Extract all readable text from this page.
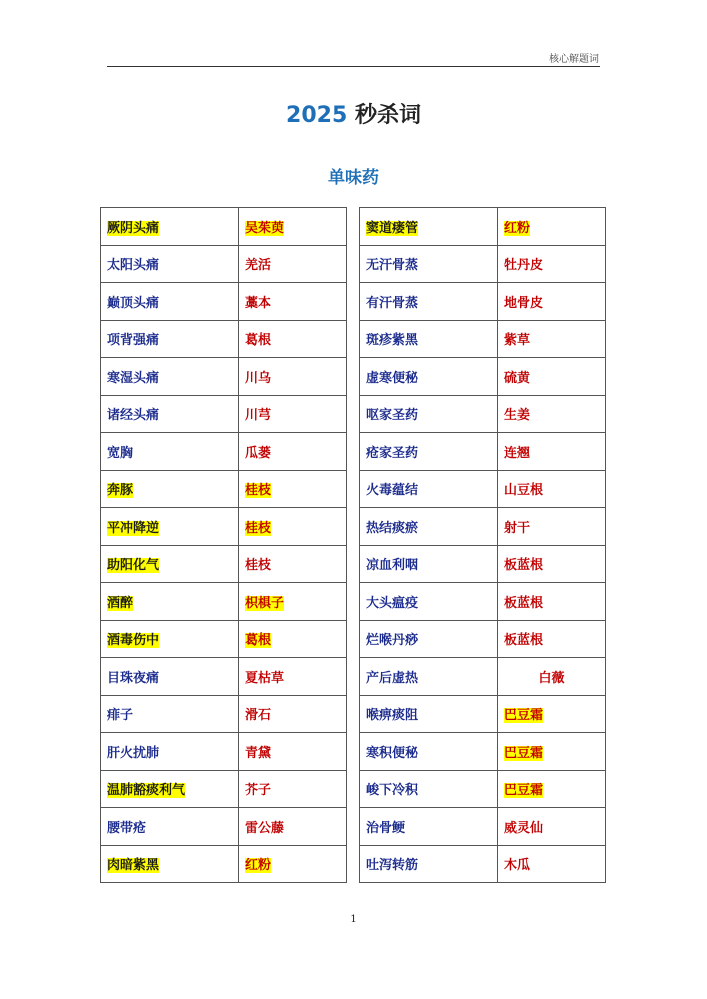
核心解题词
2025 秒杀词
单味药
厥阴头痛	吴茱萸
太阳头痛	羌活
巅顶头痛	藁本
项背强痛	葛根
寒湿头痛	川乌
诸经头痛	川芎
宽胸	瓜蒌
奔豚	桂枝
平冲降逆	桂枝
助阳化气	桂枝
酒醉	枳椇子
酒毒伤中	葛根
目珠夜痛	夏枯草
痱子	滑石
肝火扰肺	青黛
温肺豁痰利气	芥子
腰带疮	雷公藤
肉暗紫黑	红粉
窦道瘘管	红粉
无汗骨蒸	牡丹皮
有汗骨蒸	地骨皮
斑疹紫黑	紫草
虚寒便秘	硫黄
呕家圣药	生姜
疮家圣药	连翘
火毒蕴结	山豆根
热结痰瘀	射干
凉血利咽	板蓝根
大头瘟疫	板蓝根
烂喉丹痧	板蓝根
产后虚热	白薇
喉痹痰阻	巴豆霜
寒积便秘	巴豆霜
峻下冷积	巴豆霜
治骨鲠	威灵仙
吐泻转筋	木瓜
1
